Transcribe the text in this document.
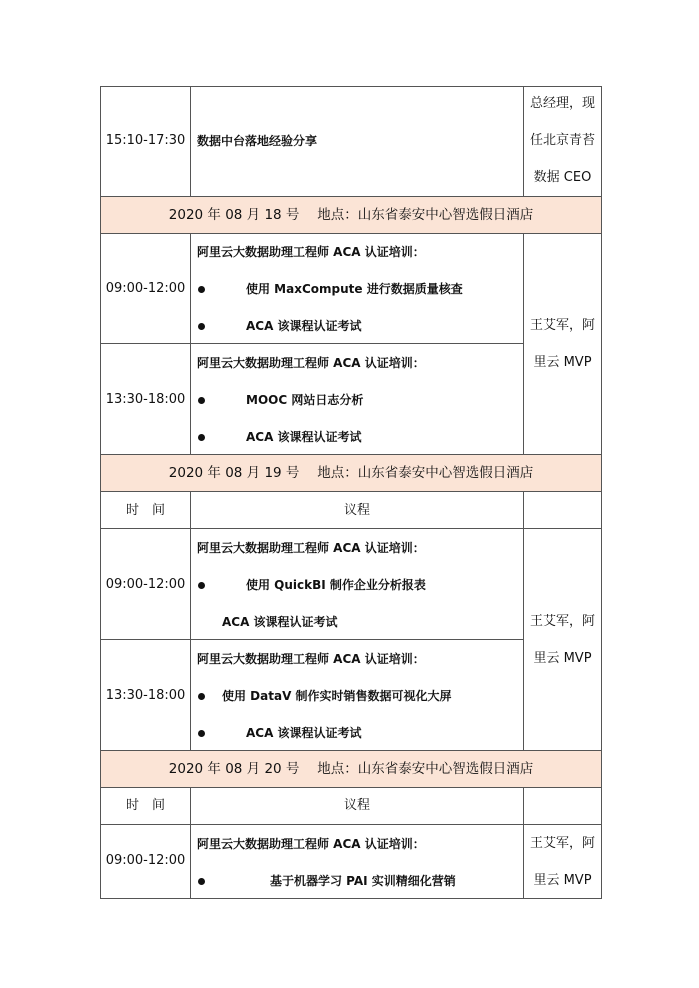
15:10-17:30 数据中台落地经验分享
总经理，现
任北京青苔
数据 CEO
2020 年 08 月 18 号　 地点：山东省泰安中心智选假日酒店
09:00-12:00
阿里云大数据助理工程师 ACA 认证培训：
使用 MaxCompute 进行数据质量核查
ACA 该课程认证考试
13:30-18:00
阿里云大数据助理工程师 ACA 认证培训：
MOOC 网站日志分析
ACA 该课程认证考试
王艾军，阿
里云 MVP
2020 年 08 月 19 号　 地点：山东省泰安中心智选假日酒店
时　间	议程
09:00-12:00
阿里云大数据助理工程师 ACA 认证培训：
使用 QuickBI 制作企业分析报表
ACA 该课程认证考试
13:30-18:00
阿里云大数据助理工程师 ACA 认证培训：
使用 DataV 制作实时销售数据可视化大屏
ACA 该课程认证考试
王艾军，阿
里云 MVP
2020 年 08 月 20 号　 地点：山东省泰安中心智选假日酒店
时　间	议程
09:00-12:00
阿里云大数据助理工程师 ACA 认证培训：
基于机器学习 PAI 实训精细化营销
王艾军，阿
里云 MVP
